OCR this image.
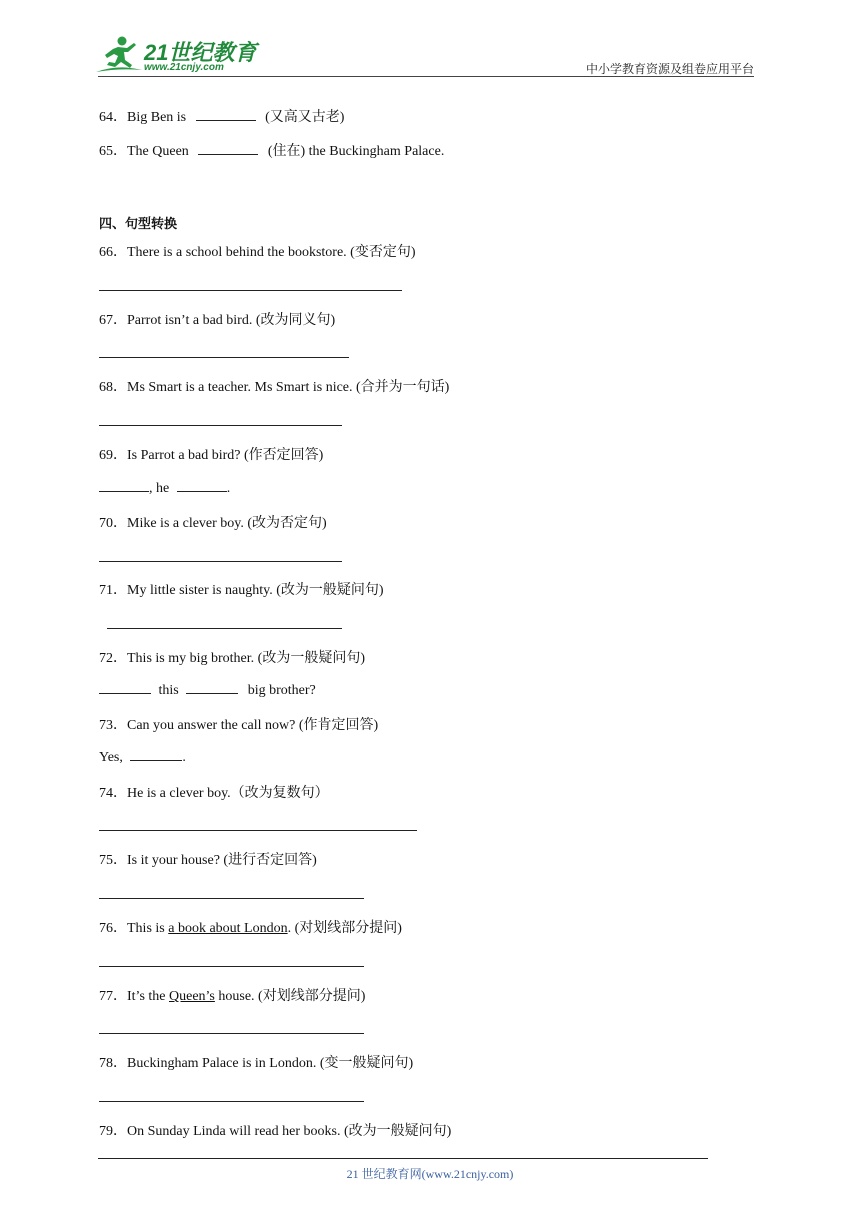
21世纪教育
www.21cnjy.com	中小学教育资源及组卷应用平台
64．Big Ben is	(又高又古老)
65．The Queen	(住在) the Buckingham Palace.
四、句型转换
66．There is a school behind the bookstore. (变否定句)
67．Parrot isn’t a bad bird. (改为同义句)
68．Ms Smart is a teacher. Ms Smart is nice. (合并为一句话)
69．Is Parrot a bad bird? (作否定回答)
, he	.
70．Mike is a clever boy. (改为否定句)
71．My little sister is naughty. (改为一般疑问句)
72．This is my big brother. (改为一般疑问句)
this	big brother?
73．Can you answer the call now? (作肯定回答)
Yes,	.
74．He is a clever boy.（改为复数句）
75．Is it your house? (进行否定回答)
76．This is a book about London. (对划线部分提问)
77．It’s the Queen’s house. (对划线部分提问)
78．Buckingham Palace is in London. (变一般疑问句)
79．On Sunday Linda will read her books. (改为一般疑问句)
21 世纪教育网(www.21cnjy.com)
